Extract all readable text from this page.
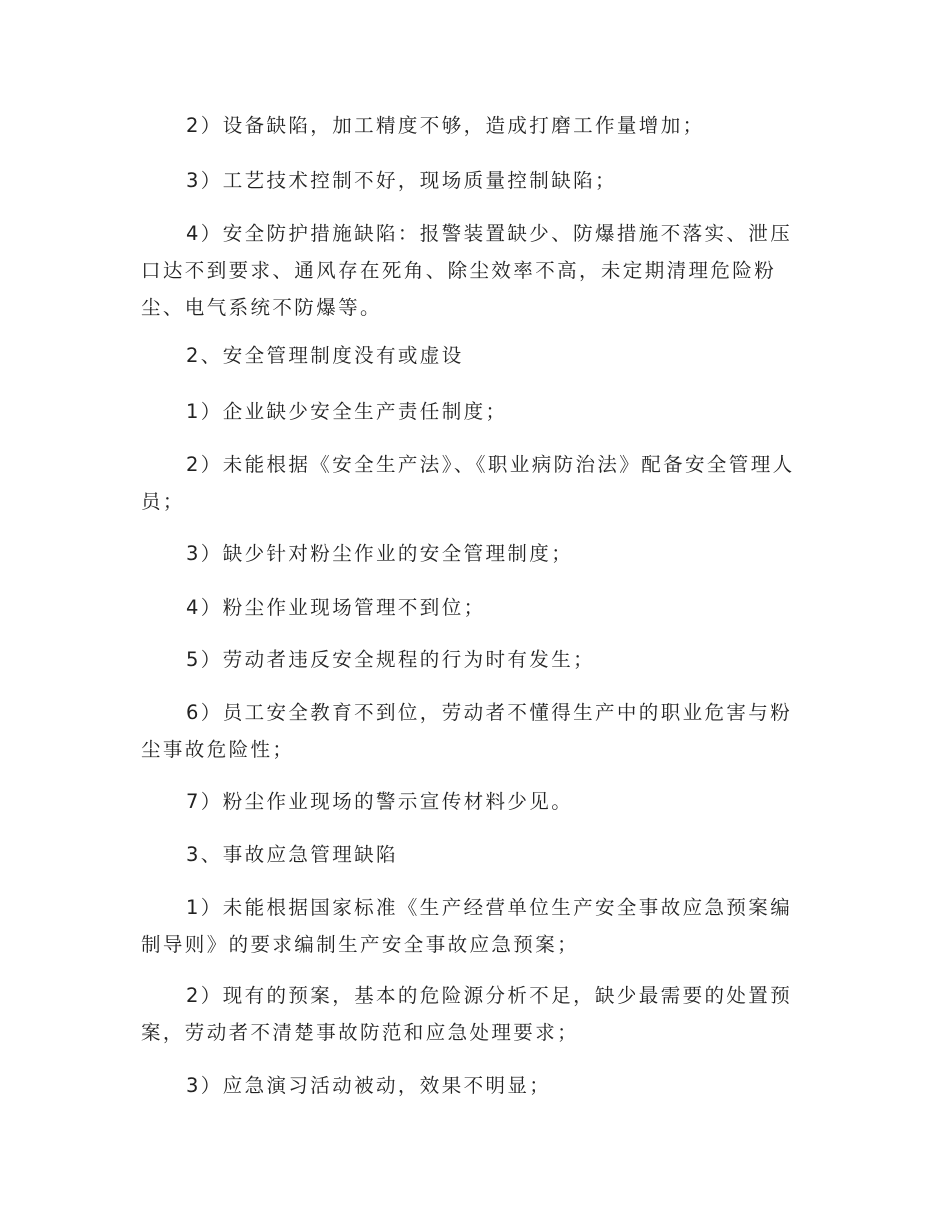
2）设备缺陷，加工精度不够，造成打磨工作量增加；

3）工艺技术控制不好，现场质量控制缺陷；

4）安全防护措施缺陷：报警装置缺少、防爆措施不落实、泄压口达不到要求、通风存在死角、除尘效率不高，未定期清理危险粉尘、电气系统不防爆等。

2、安全管理制度没有或虚设

1）企业缺少安全生产责任制度；

2）未能根据《安全生产法》、《职业病防治法》配备安全管理人员；

3）缺少针对粉尘作业的安全管理制度；

4）粉尘作业现场管理不到位；

5）劳动者违反安全规程的行为时有发生；

6）员工安全教育不到位，劳动者不懂得生产中的职业危害与粉尘事故危险性；

7）粉尘作业现场的警示宣传材料少见。

3、事故应急管理缺陷

1）未能根据国家标准《生产经营单位生产安全事故应急预案编制导则》的要求编制生产安全事故应急预案；

2）现有的预案，基本的危险源分析不足，缺少最需要的处置预案，劳动者不清楚事故防范和应急处理要求；

3）应急演习活动被动，效果不明显；
